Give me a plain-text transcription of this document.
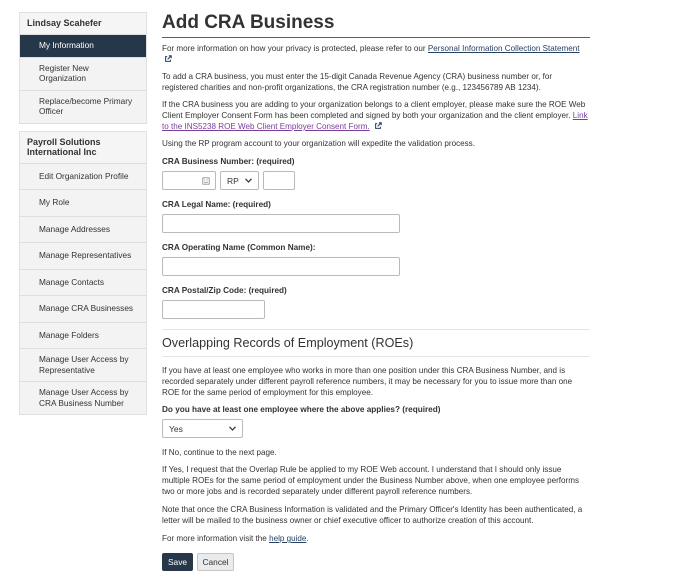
Lindsay Scahefer
My Information
Register New Organization
Replace/become Primary Officer
Payroll Solutions International Inc
Edit Organization Profile
My Role
Manage Addresses
Manage Representatives
Manage Contacts
Manage CRA Businesses
Manage Folders
Manage User Access by Representative
Manage User Access by CRA Business Number
Add CRA Business

For more information on how your privacy is protected, please refer to our Personal Information Collection Statement

To add a CRA business, you must enter the 15-digit Canada Revenue Agency (CRA) business number or, for registered charities and non-profit organizations, the CRA registration number (e.g., 123456789 AB 1234).

If the CRA business you are adding to your organization belongs to a client employer, please make sure the ROE Web Client Employer Consent Form has been completed and signed by both your organization and the client employer. Link to the INS5238 ROE Web Client Employer Consent Form.

Using the RP program account to your organization will expedite the validation process.

CRA Business Number: (required)
RP
CRA Legal Name: (required)
CRA Operating Name (Common Name):
CRA Postal/Zip Code: (required)
Overlapping Records of Employment (ROEs)

If you have at least one employee who works in more than one position under this CRA Business Number, and is recorded separately under different payroll reference numbers, it may be necessary for you to issue more than one ROE for the same period of employment for this employee.

Do you have at least one employee where the above applies? (required)
Yes

If No, continue to the next page.

If Yes, I request that the Overlap Rule be applied to my ROE Web account. I understand that I should only issue multiple ROEs for the same period of employment under the Business Number above, when one employee performs two or more jobs and is recorded separately under different payroll reference numbers.

Note that once the CRA Business Information is validated and the Primary Officer's Identity has been authenticated, a letter will be mailed to the business owner or chief executive officer to authorize creation of this account.

For more information visit the help guide.

Save	Cancel
